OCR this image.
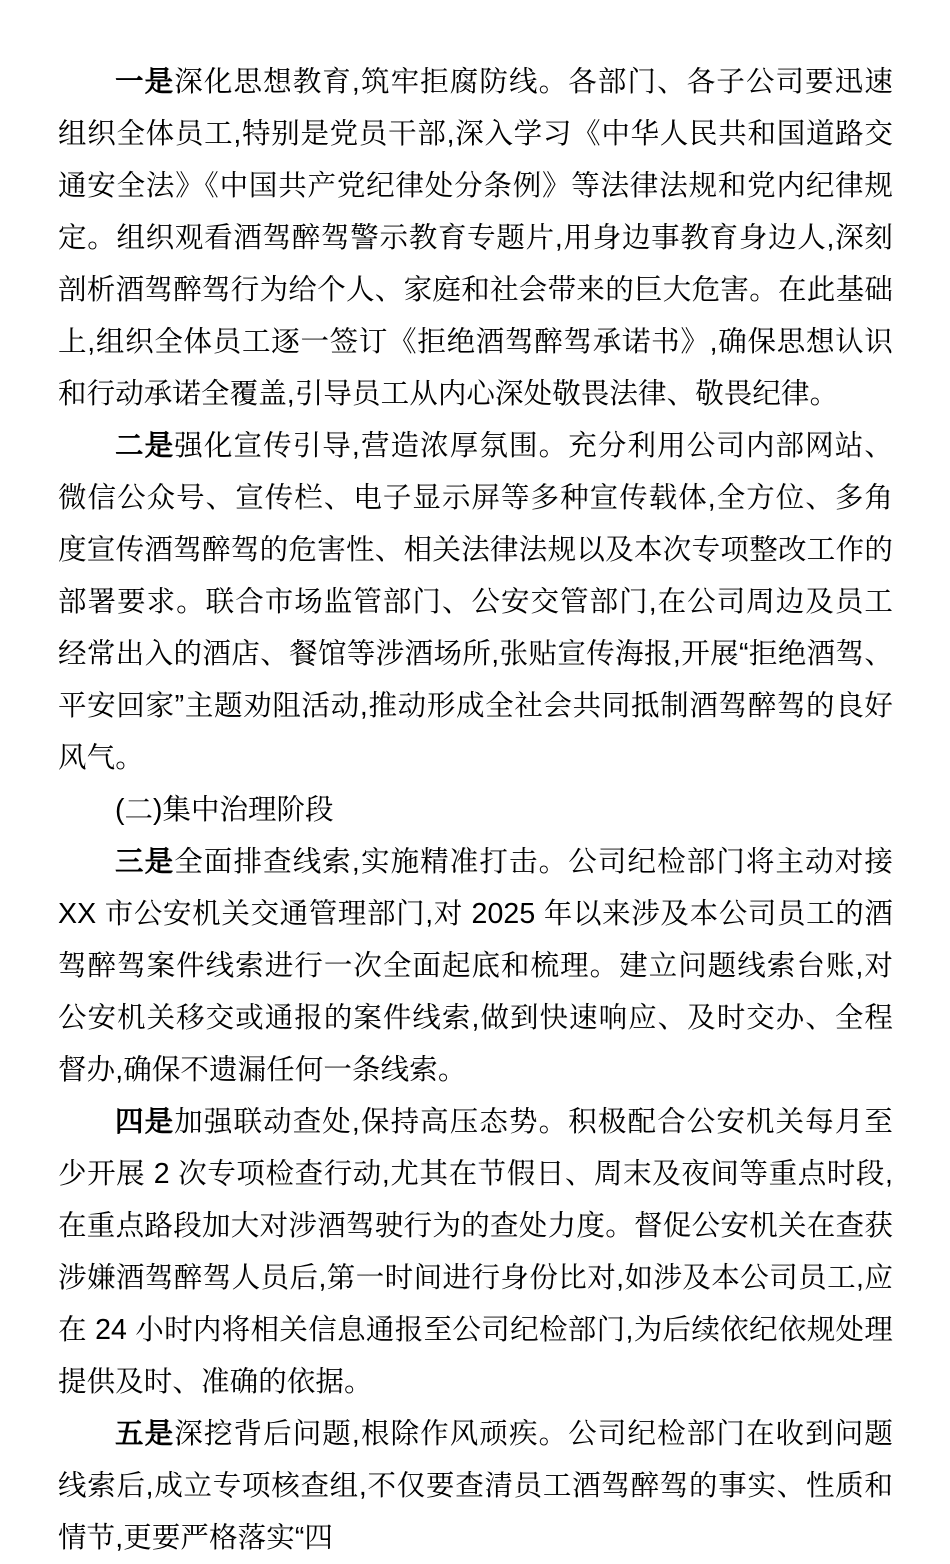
一是深化思想教育,筑牢拒腐防线。各部门、各子公司要迅速组织全体员工,特别是党员干部,深入学习《中华人民共和国道路交通安全法》《中国共产党纪律处分条例》等法律法规和党内纪律规定。组织观看酒驾醉驾警示教育专题片,用身边事教育身边人,深刻剖析酒驾醉驾行为给个人、家庭和社会带来的巨大危害。在此基础上,组织全体员工逐一签订《拒绝酒驾醉驾承诺书》,确保思想认识和行动承诺全覆盖,引导员工从内心深处敬畏法律、敬畏纪律。

二是强化宣传引导,营造浓厚氛围。充分利用公司内部网站、微信公众号、宣传栏、电子显示屏等多种宣传载体,全方位、多角度宣传酒驾醉驾的危害性、相关法律法规以及本次专项整改工作的部署要求。联合市场监管部门、公安交管部门,在公司周边及员工经常出入的酒店、餐馆等涉酒场所,张贴宣传海报,开展“拒绝酒驾、平安回家”主题劝阻活动,推动形成全社会共同抵制酒驾醉驾的良好风气。

(二)集中治理阶段

三是全面排查线索,实施精准打击。公司纪检部门将主动对接 XX 市公安机关交通管理部门,对 2025 年以来涉及本公司员工的酒驾醉驾案件线索进行一次全面起底和梳理。建立问题线索台账,对公安机关移交或通报的案件线索,做到快速响应、及时交办、全程督办,确保不遗漏任何一条线索。

四是加强联动查处,保持高压态势。积极配合公安机关每月至少开展 2 次专项检查行动,尤其在节假日、周末及夜间等重点时段,在重点路段加大对涉酒驾驶行为的查处力度。督促公安机关在查获涉嫌酒驾醉驾人员后,第一时间进行身份比对,如涉及本公司员工,应在 24 小时内将相关信息通报至公司纪检部门,为后续依纪依规处理提供及时、准确的依据。

五是深挖背后问题,根除作风顽疾。公司纪检部门在收到问题线索后,成立专项核查组,不仅要查清员工酒驾醉驾的事实、性质和情节,更要严格落实“四
